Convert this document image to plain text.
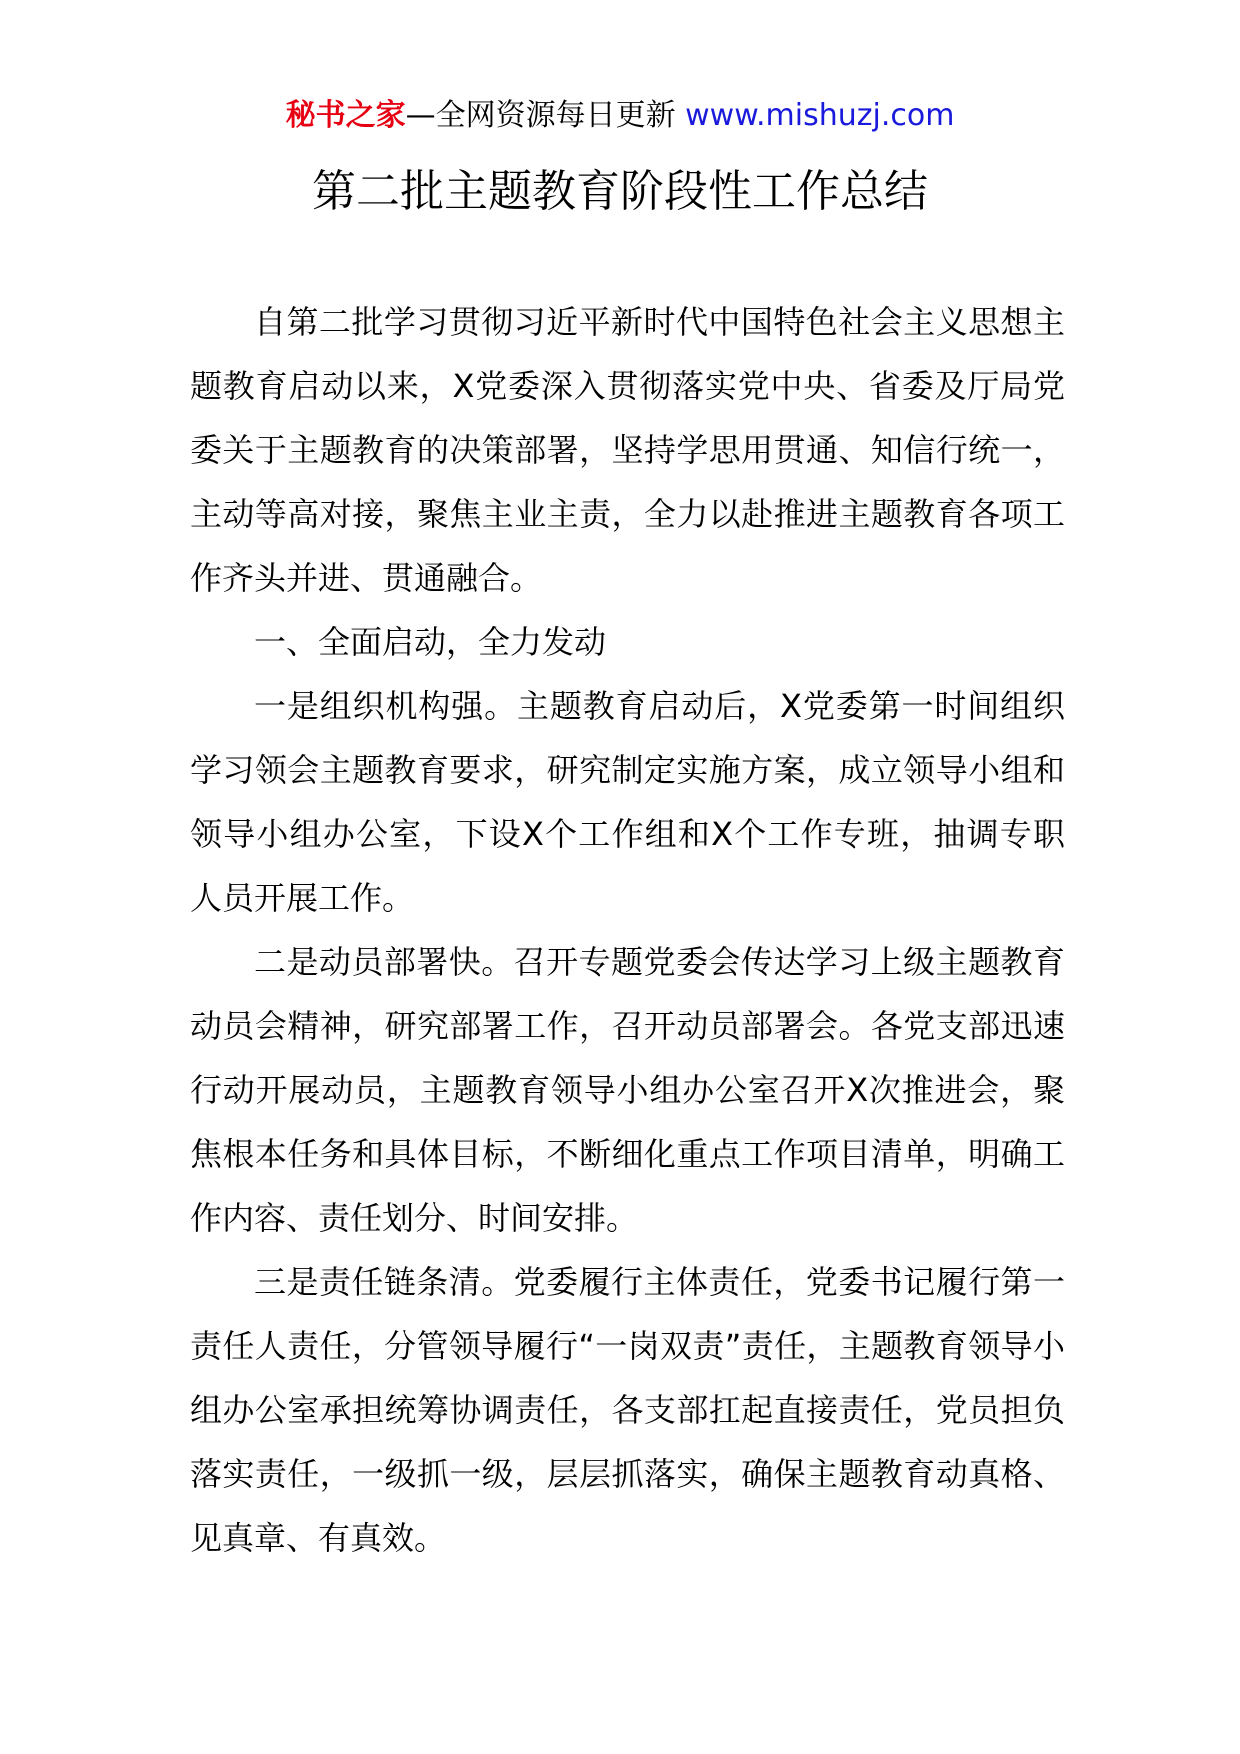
秘书之家—全网资源每日更新 www.mishuzj.com
第二批主题教育阶段性工作总结

自第二批学习贯彻习近平新时代中国特色社会主义思想主题教育启动以来，X党委深入贯彻落实党中央、省委及厅局党委关于主题教育的决策部署，坚持学思用贯通、知信行统一，主动等高对接，聚焦主业主责，全力以赴推进主题教育各项工作齐头并进、贯通融合。

一、全面启动，全力发动

一是组织机构强。主题教育启动后，X党委第一时间组织学习领会主题教育要求，研究制定实施方案，成立领导小组和领导小组办公室，下设X个工作组和X个工作专班，抽调专职人员开展工作。

二是动员部署快。召开专题党委会传达学习上级主题教育动员会精神，研究部署工作，召开动员部署会。各党支部迅速行动开展动员，主题教育领导小组办公室召开X次推进会，聚焦根本任务和具体目标，不断细化重点工作项目清单，明确工作内容、责任划分、时间安排。

三是责任链条清。党委履行主体责任，党委书记履行第一责任人责任，分管领导履行“一岗双责”责任，主题教育领导小组办公室承担统筹协调责任，各支部扛起直接责任，党员担负落实责任，一级抓一级，层层抓落实，确保主题教育动真格、见真章、有真效。
